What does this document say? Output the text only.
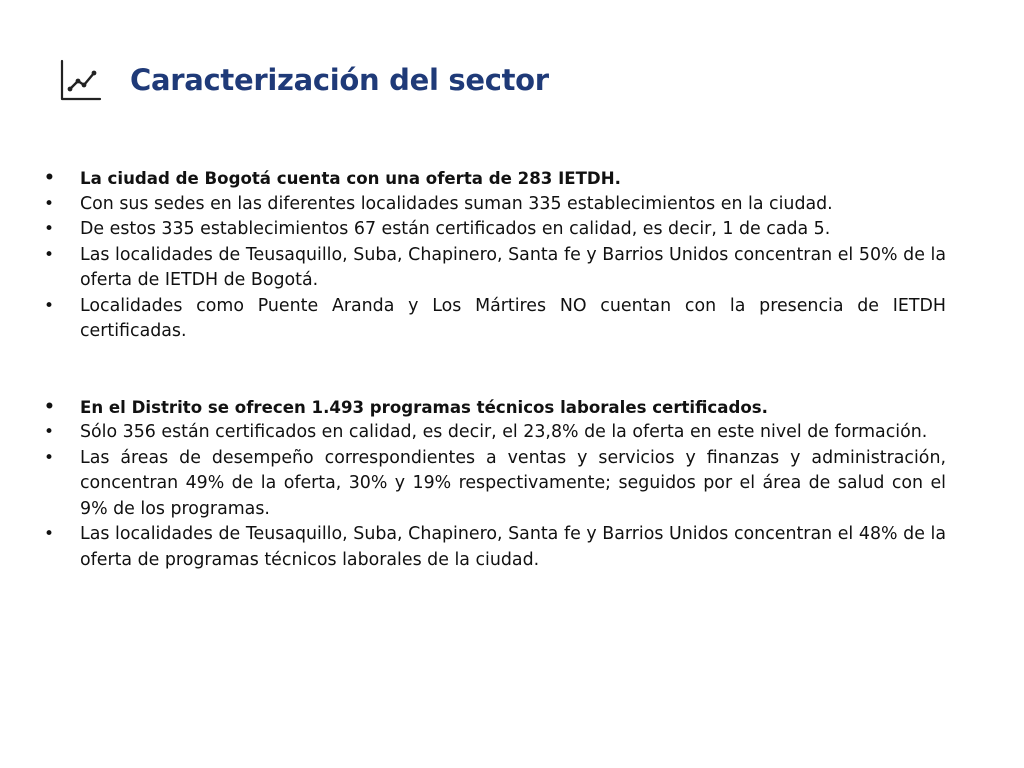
Caracterización del sector
• La ciudad de Bogotá cuenta con una oferta de 283 IETDH.
• Con sus sedes en las diferentes localidades suman 335 establecimientos en la ciudad.
• De estos 335 establecimientos 67 están certificados en calidad, es decir, 1 de cada 5.
• Las localidades de Teusaquillo, Suba, Chapinero, Santa fe y Barrios Unidos concentran el 50% de la oferta de IETDH de Bogotá.
• Localidades como Puente Aranda y Los Mártires NO cuentan con la presencia de IETDH certificadas.
• En el Distrito se ofrecen 1.493 programas técnicos laborales certificados.
• Sólo 356 están certificados en calidad, es decir, el 23,8% de la oferta en este nivel de formación.
• Las áreas de desempeño correspondientes a ventas y servicios y finanzas y administración, concentran 49% de la oferta, 30% y 19% respectivamente; seguidos por el área de salud con el 9% de los programas.
• Las localidades de Teusaquillo, Suba, Chapinero, Santa fe y Barrios Unidos concentran el 48% de la oferta de programas técnicos laborales de la ciudad.
